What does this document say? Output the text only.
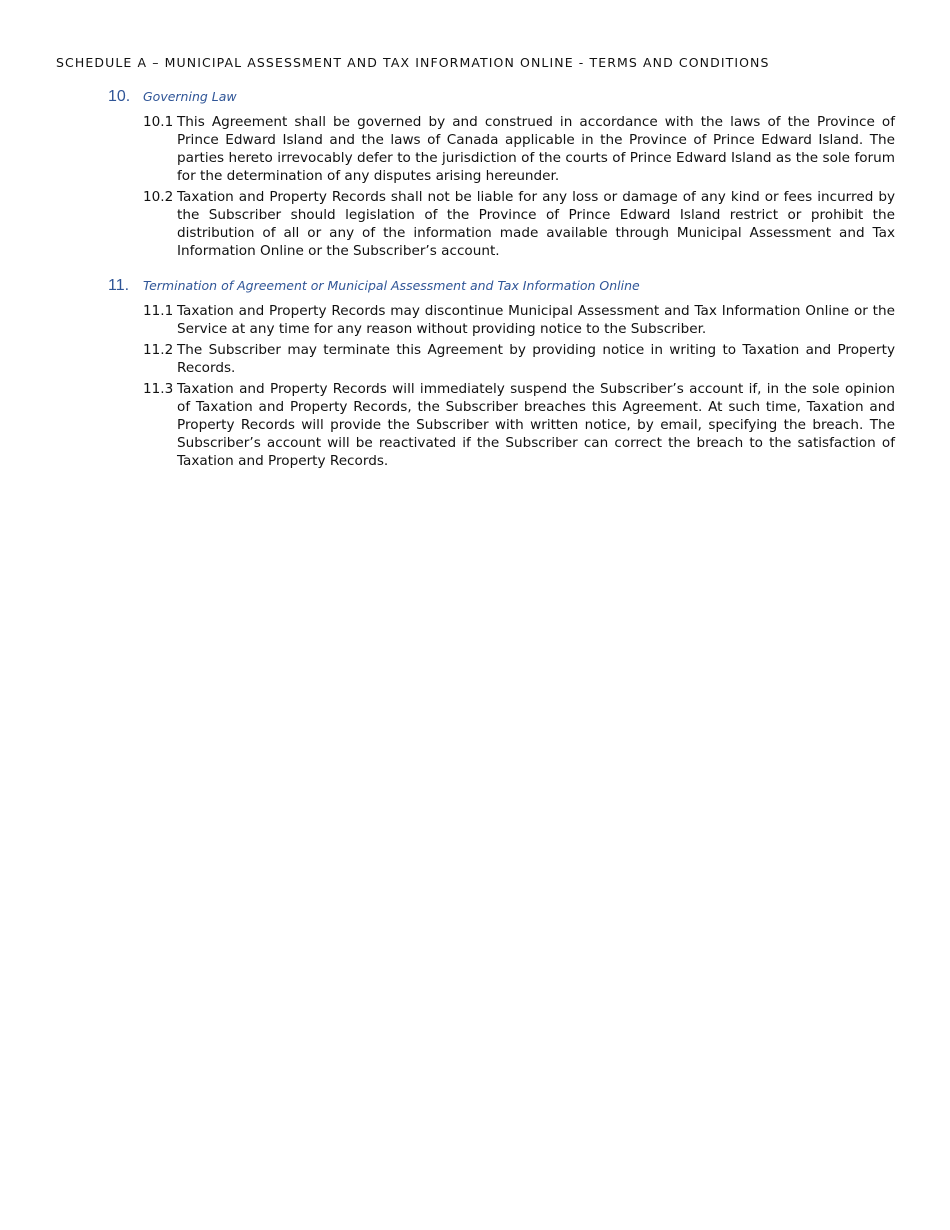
SCHEDULE A – MUNICIPAL ASSESSMENT AND TAX INFORMATION ONLINE - TERMS AND CONDITIONS
10.	Governing Law
10.1 This Agreement shall be governed by and construed in accordance with the laws of the Province of Prince Edward Island and the laws of Canada applicable in the Province of Prince Edward Island. The parties hereto irrevocably defer to the jurisdiction of the courts of Prince Edward Island as the sole forum for the determination of any disputes arising hereunder.
10.2 Taxation and Property Records shall not be liable for any loss or damage of any kind or fees incurred by the Subscriber should legislation of the Province of Prince Edward Island restrict or prohibit the distribution of all or any of the information made available through Municipal Assessment and Tax Information Online or the Subscriber’s account.
11.	Termination of Agreement or Municipal Assessment and Tax Information Online
11.1 Taxation and Property Records may discontinue Municipal Assessment and Tax Information Online or the Service at any time for any reason without providing notice to the Subscriber.
11.2 The Subscriber may terminate this Agreement by providing notice in writing to Taxation and Property Records.
11.3 Taxation and Property Records will immediately suspend the Subscriber’s account if, in the sole opinion of Taxation and Property Records, the Subscriber breaches this Agreement. At such time, Taxation and Property Records will provide the Subscriber with written notice, by email, specifying the breach. The Subscriber’s account will be reactivated if the Subscriber can correct the breach to the satisfaction of Taxation and Property Records.
